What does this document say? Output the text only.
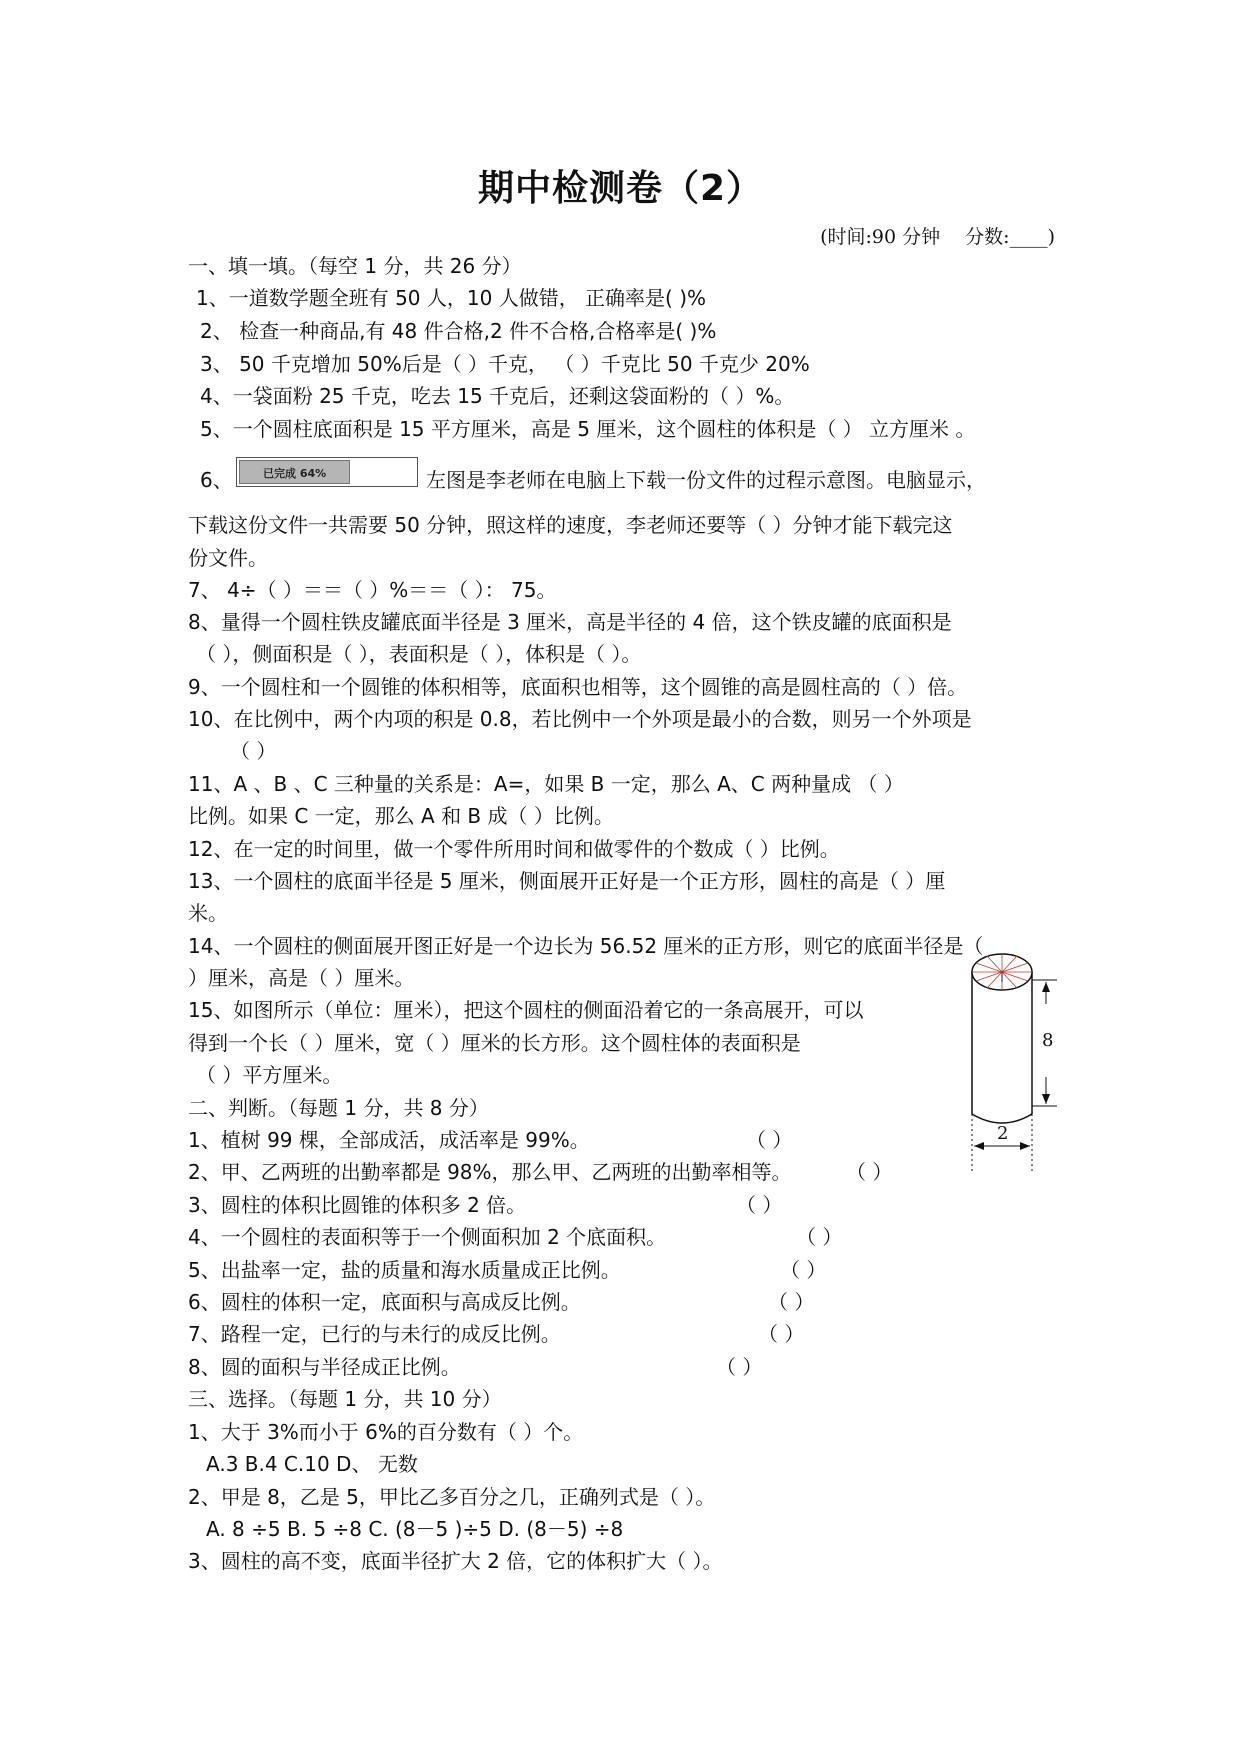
期中检测卷（2）
(时间:90 分钟　 分数:____)
一、填一填。（每空 1 分，共 26 分）
1、一道数学题全班有 50 人，10 人做错， 正确率是( )%
2、 检查一种商品,有 48 件合格,2 件不合格,合格率是( )%
3、 50 千克增加 50%后是（ ）千克， （ ）千克比 50 千克少 20%
4、一袋面粉 25 千克，吃去 15 千克后，还剩这袋面粉的（ ）%。
5、一个圆柱底面积是 15 平方厘米，高是 5 厘米，这个圆柱的体积是（ ） 立方厘米 。
6、	已完成 64%	左图是李老师在电脑上下载一份文件的过程示意图。电脑显示，
下载这份文件一共需要 50 分钟，照这样的速度，李老师还要等（ ）分钟才能下载完这
份文件。
7、 4÷（ ）＝＝（ ）%＝＝（ ）： 75。
8、量得一个圆柱铁皮罐底面半径是 3 厘米，高是半径的 4 倍，这个铁皮罐的底面积是
（ ），侧面积是（ ），表面积是（ ），体积是（ ）。
9、一个圆柱和一个圆锥的体积相等，底面积也相等，这个圆锥的高是圆柱高的（ ）倍。
10、在比例中，两个内项的积是 0.8，若比例中一个外项是最小的合数，则另一个外项是
（ ）
11、A 、B 、C 三种量的关系是：A=，如果 B 一定，那么 A、C 两种量成 （ ）
比例。如果 C 一定，那么 A 和 B 成（ ）比例。
12、在一定的时间里，做一个零件所用时间和做零件的个数成（ ）比例。
13、一个圆柱的底面半径是 5 厘米，侧面展开正好是一个正方形，圆柱的高是（ ）厘
米。
14、一个圆柱的侧面展开图正好是一个边长为 56.52 厘米的正方形，则它的底面半径是（
）厘米，高是（ ）厘米。
15、如图所示（单位：厘米），把这个圆柱的侧面沿着它的一条高展开，可以
得到一个长（ ）厘米，宽（ ）厘米的长方形。这个圆柱体的表面积是
（ ）平方厘米。
8
2
二、判断。（每题 1 分，共 8 分）
1、植树 99 棵，全部成活，成活率是 99%。	（ ）
2、甲、乙两班的出勤率都是 98%，那么甲、乙两班的出勤率相等。	（ ）
3、圆柱的体积比圆锥的体积多 2 倍。	（ ）
4、一个圆柱的表面积等于一个侧面积加 2 个底面积。	（ ）
5、出盐率一定，盐的质量和海水质量成正比例。	（ ）
6、圆柱的体积一定，底面积与高成反比例。	（ ）
7、路程一定，已行的与未行的成反比例。	（ ）
8、圆的面积与半径成正比例。	（ ）
三、选择。（每题 1 分，共 10 分）
1、大于 3%而小于 6%的百分数有（ ）个。
A.3 B.4 C.10 D、 无数
2、甲是 8，乙是 5，甲比乙多百分之几，正确列式是（ ）。
A. 8 ÷5 B. 5 ÷8 C. (8－5 )÷5 D. (8－5) ÷8
3、圆柱的高不变，底面半径扩大 2 倍，它的体积扩大（ ）。
